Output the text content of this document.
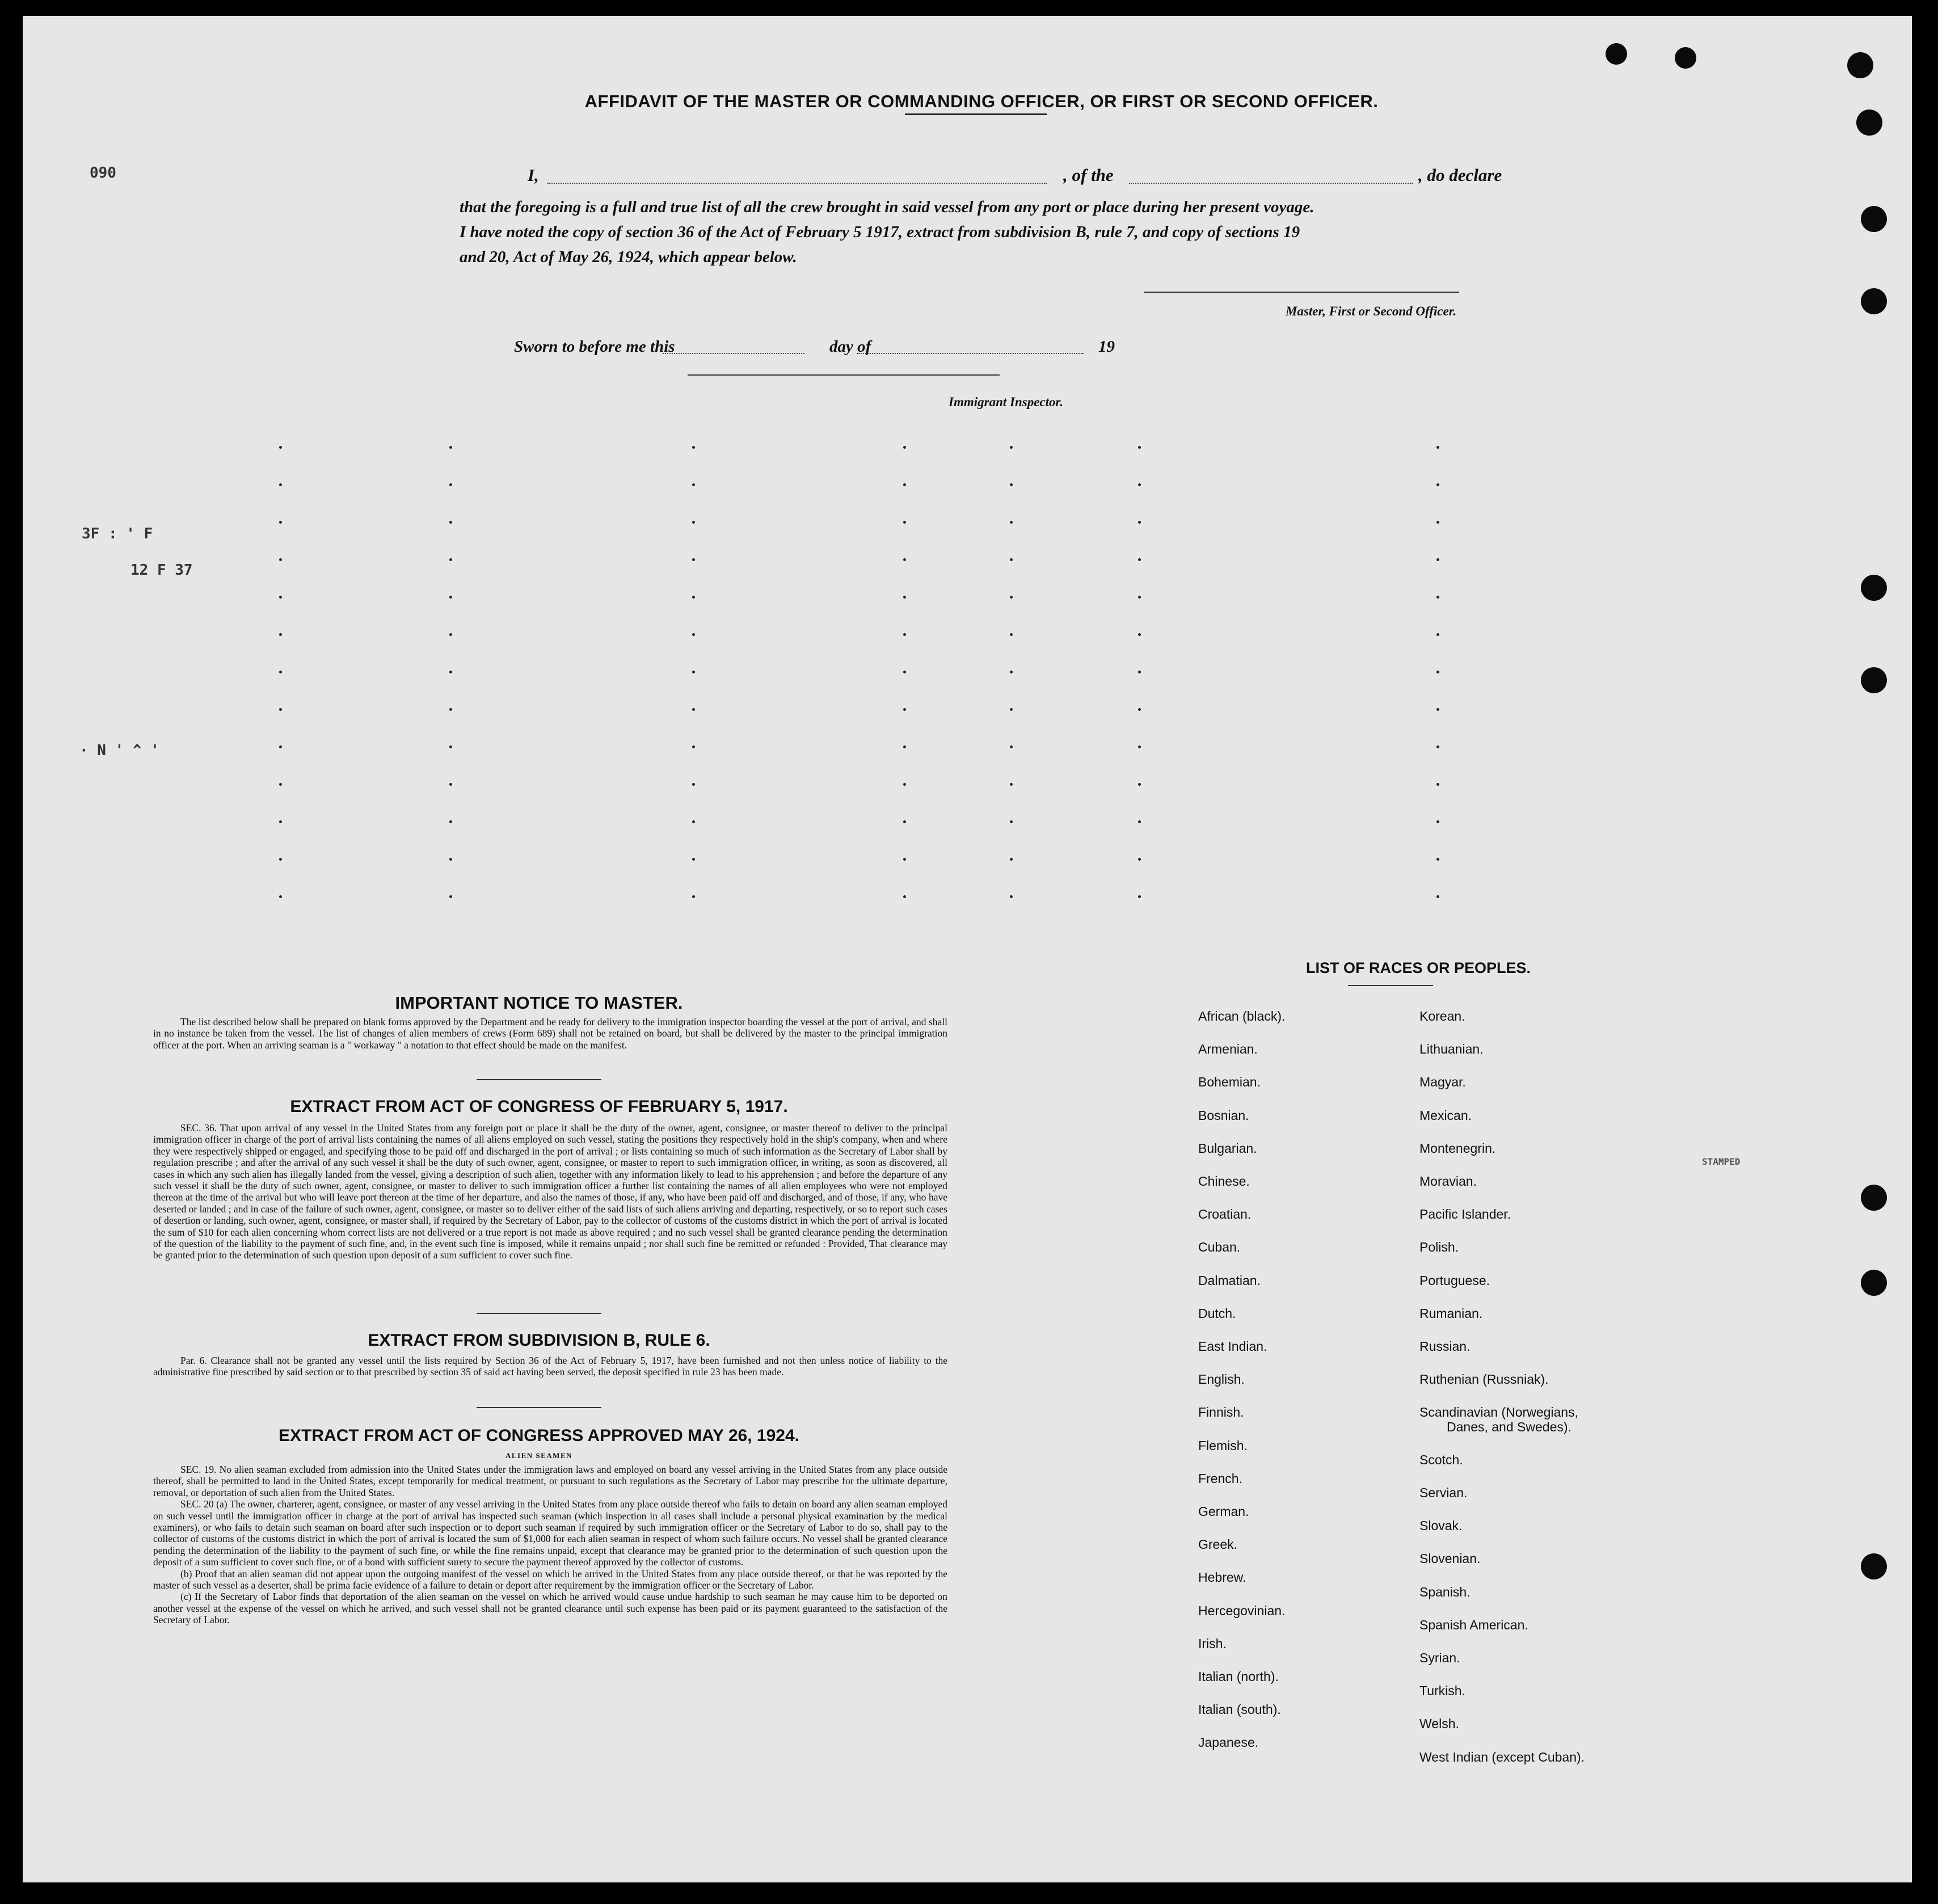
090
3F : ' F
12 F 37
· N ' ^ '
STAMPED
AFFIDAVIT OF THE MASTER OR COMMANDING OFFICER, OR FIRST OR SECOND OFFICER.
I,	, of the	, do declare
that the foregoing is a full and true list of all the crew brought in said vessel from any port or place during her present voyage.
I have noted the copy of section 36 of the Act of February 5 1917, extract from subdivision B, rule 7, and copy of sections 19
and 20, Act of May 26, 1924, which appear below.
Master, First or Second Officer.
Sworn to before me this	day of	19
Immigrant Inspector.
IMPORTANT NOTICE TO MASTER.

The list described below shall be prepared on blank forms approved by the Department and be ready for delivery to the immigration inspector boarding the vessel at the port of arrival, and shall in no instance be taken from the vessel. The list of changes of alien members of crews (Form 689) shall not be retained on board, but shall be delivered by the master to the principal immigration officer at the port. When an arriving seaman is a " workaway " a notation to that effect should be made on the manifest.

EXTRACT FROM ACT OF CONGRESS OF FEBRUARY 5, 1917.

SEC. 36. That upon arrival of any vessel in the United States from any foreign port or place it shall be the duty of the owner, agent, consignee, or master thereof to deliver to the principal immigration officer in charge of the port of arrival lists containing the names of all aliens employed on such vessel, stating the positions they respectively hold in the ship's company, when and where they were respectively shipped or engaged, and specifying those to be paid off and discharged in the port of arrival ; or lists containing so much of such information as the Secretary of Labor shall by regulation prescribe ; and after the arrival of any such vessel it shall be the duty of such owner, agent, consignee, or master to report to such immigration officer, in writing, as soon as discovered, all cases in which any such alien has illegally landed from the vessel, giving a description of such alien, together with any information likely to lead to his apprehension ; and before the departure of any such vessel it shall be the duty of such owner, agent, consignee, or master to deliver to such immigration officer a further list containing the names of all alien employees who were not employed thereon at the time of the arrival but who will leave port thereon at the time of her departure, and also the names of those, if any, who have been paid off and discharged, and of those, if any, who have deserted or landed ; and in case of the failure of such owner, agent, consignee, or master so to deliver either of the said lists of such aliens arriving and departing, respectively, or so to report such cases of desertion or landing, such owner, agent, consignee, or master shall, if required by the Secretary of Labor, pay to the collector of customs of the customs district in which the port of arrival is located the sum of $10 for each alien concerning whom correct lists are not delivered or a true report is not made as above required ; and no such vessel shall be granted clearance pending the determination of the question of the liability to the payment of such fine, and, in the event such fine is imposed, while it remains unpaid ; nor shall such fine be remitted or refunded : Provided, That clearance may be granted prior to the determination of such question upon deposit of a sum sufficient to cover such fine.

EXTRACT FROM SUBDIVISION B, RULE 6.

Par. 6. Clearance shall not be granted any vessel until the lists required by Section 36 of the Act of February 5, 1917, have been furnished and not then unless notice of liability to the administrative fine prescribed by said section or to that prescribed by section 35 of said act having been served, the deposit specified in rule 23 has been made.

EXTRACT FROM ACT OF CONGRESS APPROVED MAY 26, 1924.
ALIEN SEAMEN

SEC. 19. No alien seaman excluded from admission into the United States under the immigration laws and employed on board any vessel arriving in the United States from any place outside thereof, shall be permitted to land in the United States, except temporarily for medical treatment, or pursuant to such regulations as the Secretary of Labor may prescribe for the ultimate departure, removal, or deportation of such alien from the United States.

SEC. 20 (a) The owner, charterer, agent, consignee, or master of any vessel arriving in the United States from any place outside thereof who fails to detain on board any alien seaman employed on such vessel until the immigration officer in charge at the port of arrival has inspected such seaman (which inspection in all cases shall include a personal physical examination by the medical examiners), or who fails to detain such seaman on board after such inspection or to deport such seaman if required by such immigration officer or the Secretary of Labor to do so, shall pay to the collector of customs of the customs district in which the port of arrival is located the sum of $1,000 for each alien seaman in respect of whom such failure occurs. No vessel shall be granted clearance pending the determination of the liability to the payment of such fine, or while the fine remains unpaid, except that clearance may be granted prior to the determination of such question upon the deposit of a sum sufficient to cover such fine, or of a bond with sufficient surety to secure the payment thereof approved by the collector of customs.

(b) Proof that an alien seaman did not appear upon the outgoing manifest of the vessel on which he arrived in the United States from any place outside thereof, or that he was reported by the master of such vessel as a deserter, shall be prima facie evidence of a failure to detain or deport after requirement by the immigration officer or the Secretary of Labor.

(c) If the Secretary of Labor finds that deportation of the alien seaman on the vessel on which he arrived would cause undue hardship to such seaman he may cause him to be deported on another vessel at the expense of the vessel on which he arrived, and such vessel shall not be granted clearance until such expense has been paid or its payment guaranteed to the satisfaction of the Secretary of Labor.

LIST OF RACES OR PEOPLES.
African (black).
Armenian.
Bohemian.
Bosnian.
Bulgarian.
Chinese.
Croatian.
Cuban.
Dalmatian.
Dutch.
East Indian.
English.
Finnish.
Flemish.
French.
German.
Greek.
Hebrew.
Hercegovinian.
Irish.
Italian (north).
Italian (south).
Japanese.
Korean.
Lithuanian.
Magyar.
Mexican.
Montenegrin.
Moravian.
Pacific Islander.
Polish.
Portuguese.
Rumanian.
Russian.
Ruthenian (Russniak).
Scandinavian (Norwegians,
Danes, and Swedes).
Scotch.
Servian.
Slovak.
Slovenian.
Spanish.
Spanish American.
Syrian.
Turkish.
Welsh.
West Indian (except Cuban).
